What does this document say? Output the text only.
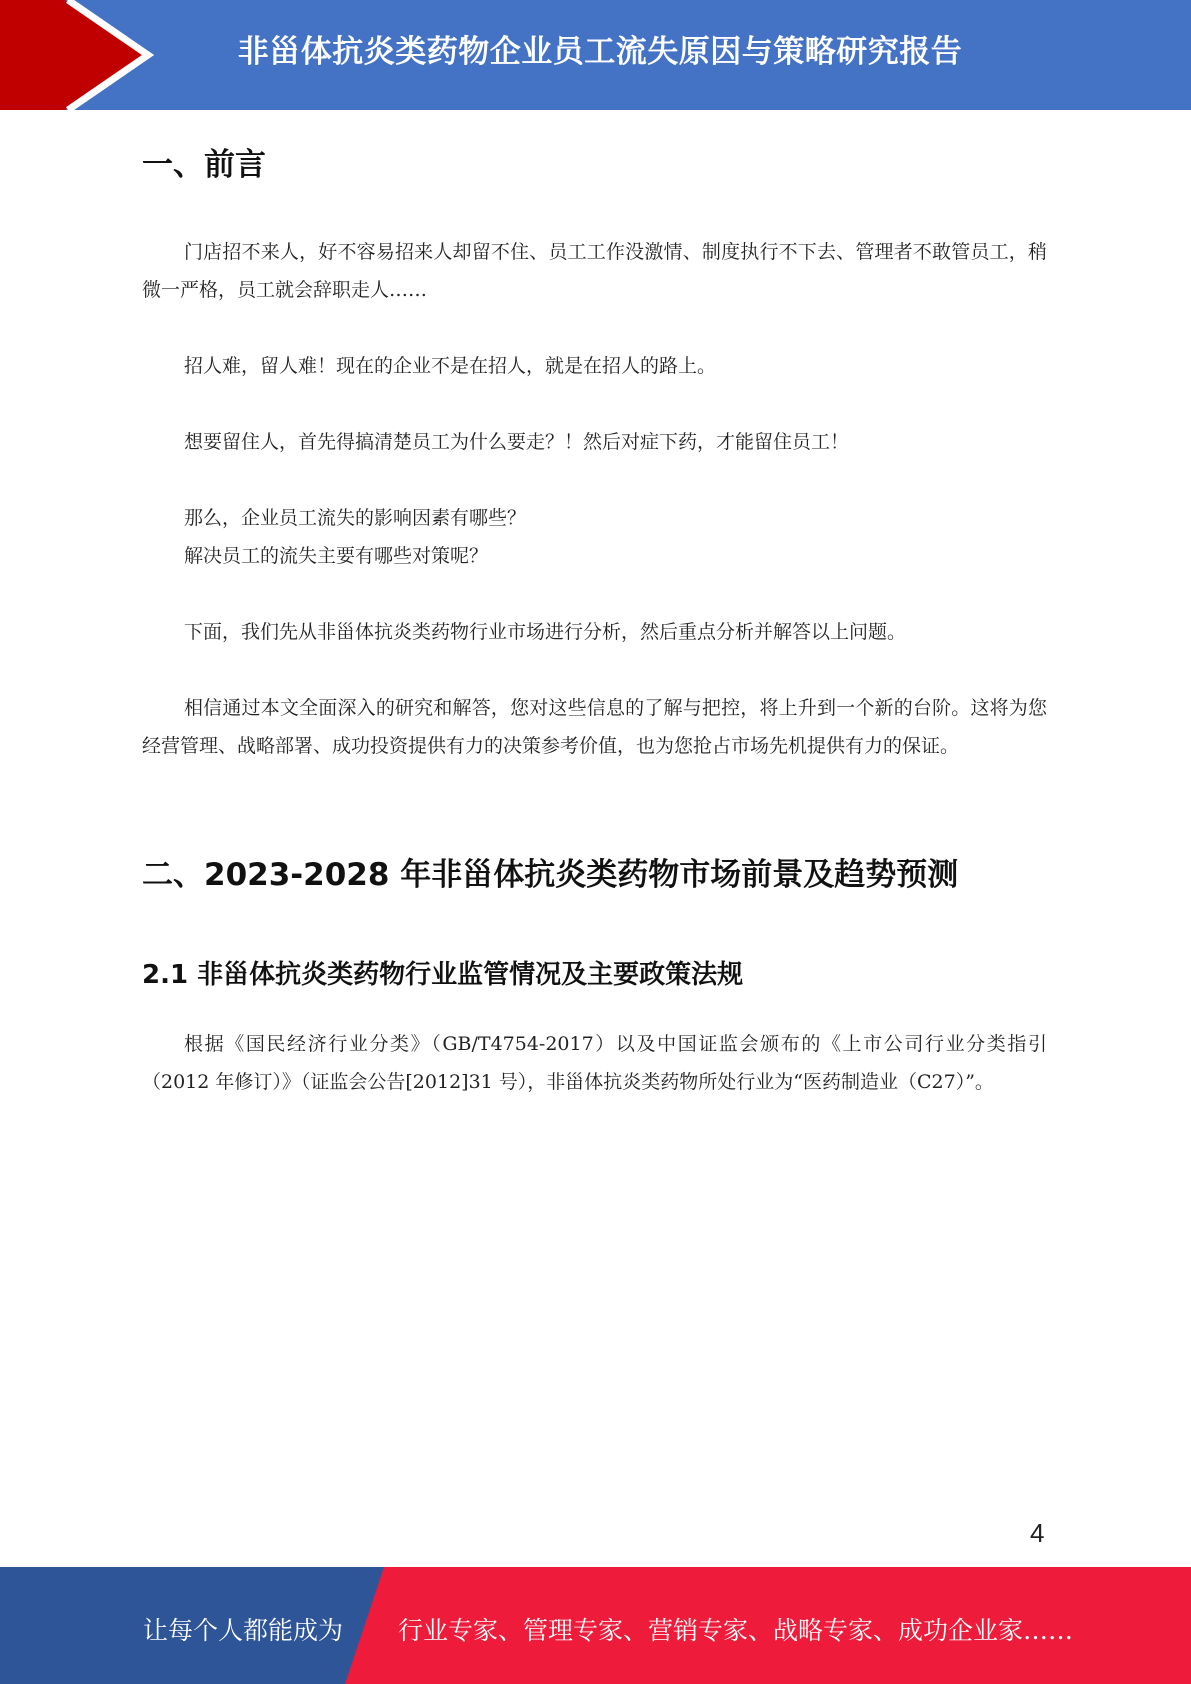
非甾体抗炎类药物企业员工流失原因与策略研究报告
一、前言

门店招不来人，好不容易招来人却留不住、员工工作没激情、制度执行不下去、管理者不敢管员工，稍微一严格，员工就会辞职走人……

招人难，留人难！现在的企业不是在招人，就是在招人的路上。

想要留住人，首先得搞清楚员工为什么要走？！然后对症下药，才能留住员工！

那么，企业员工流失的影响因素有哪些？

解决员工的流失主要有哪些对策呢？

下面，我们先从非甾体抗炎类药物行业市场进行分析，然后重点分析并解答以上问题。

相信通过本文全面深入的研究和解答，您对这些信息的了解与把控，将上升到一个新的台阶。这将为您经营管理、战略部署、成功投资提供有力的决策参考价值，也为您抢占市场先机提供有力的保证。

二、2023-2028 年非甾体抗炎类药物市场前景及趋势预测
2.1 非甾体抗炎类药物行业监管情况及主要政策法规

根据《国民经济行业分类》（GB/T4754-2017）以及中国证监会颁布的《上市公司行业分类指引（2012 年修订）》（证监会公告[2012]31 号），非甾体抗炎类药物所处行业为“医药制造业（C27）”。

4
让每个人都能成为 行业专家、管理专家、营销专家、战略专家、成功企业家……
